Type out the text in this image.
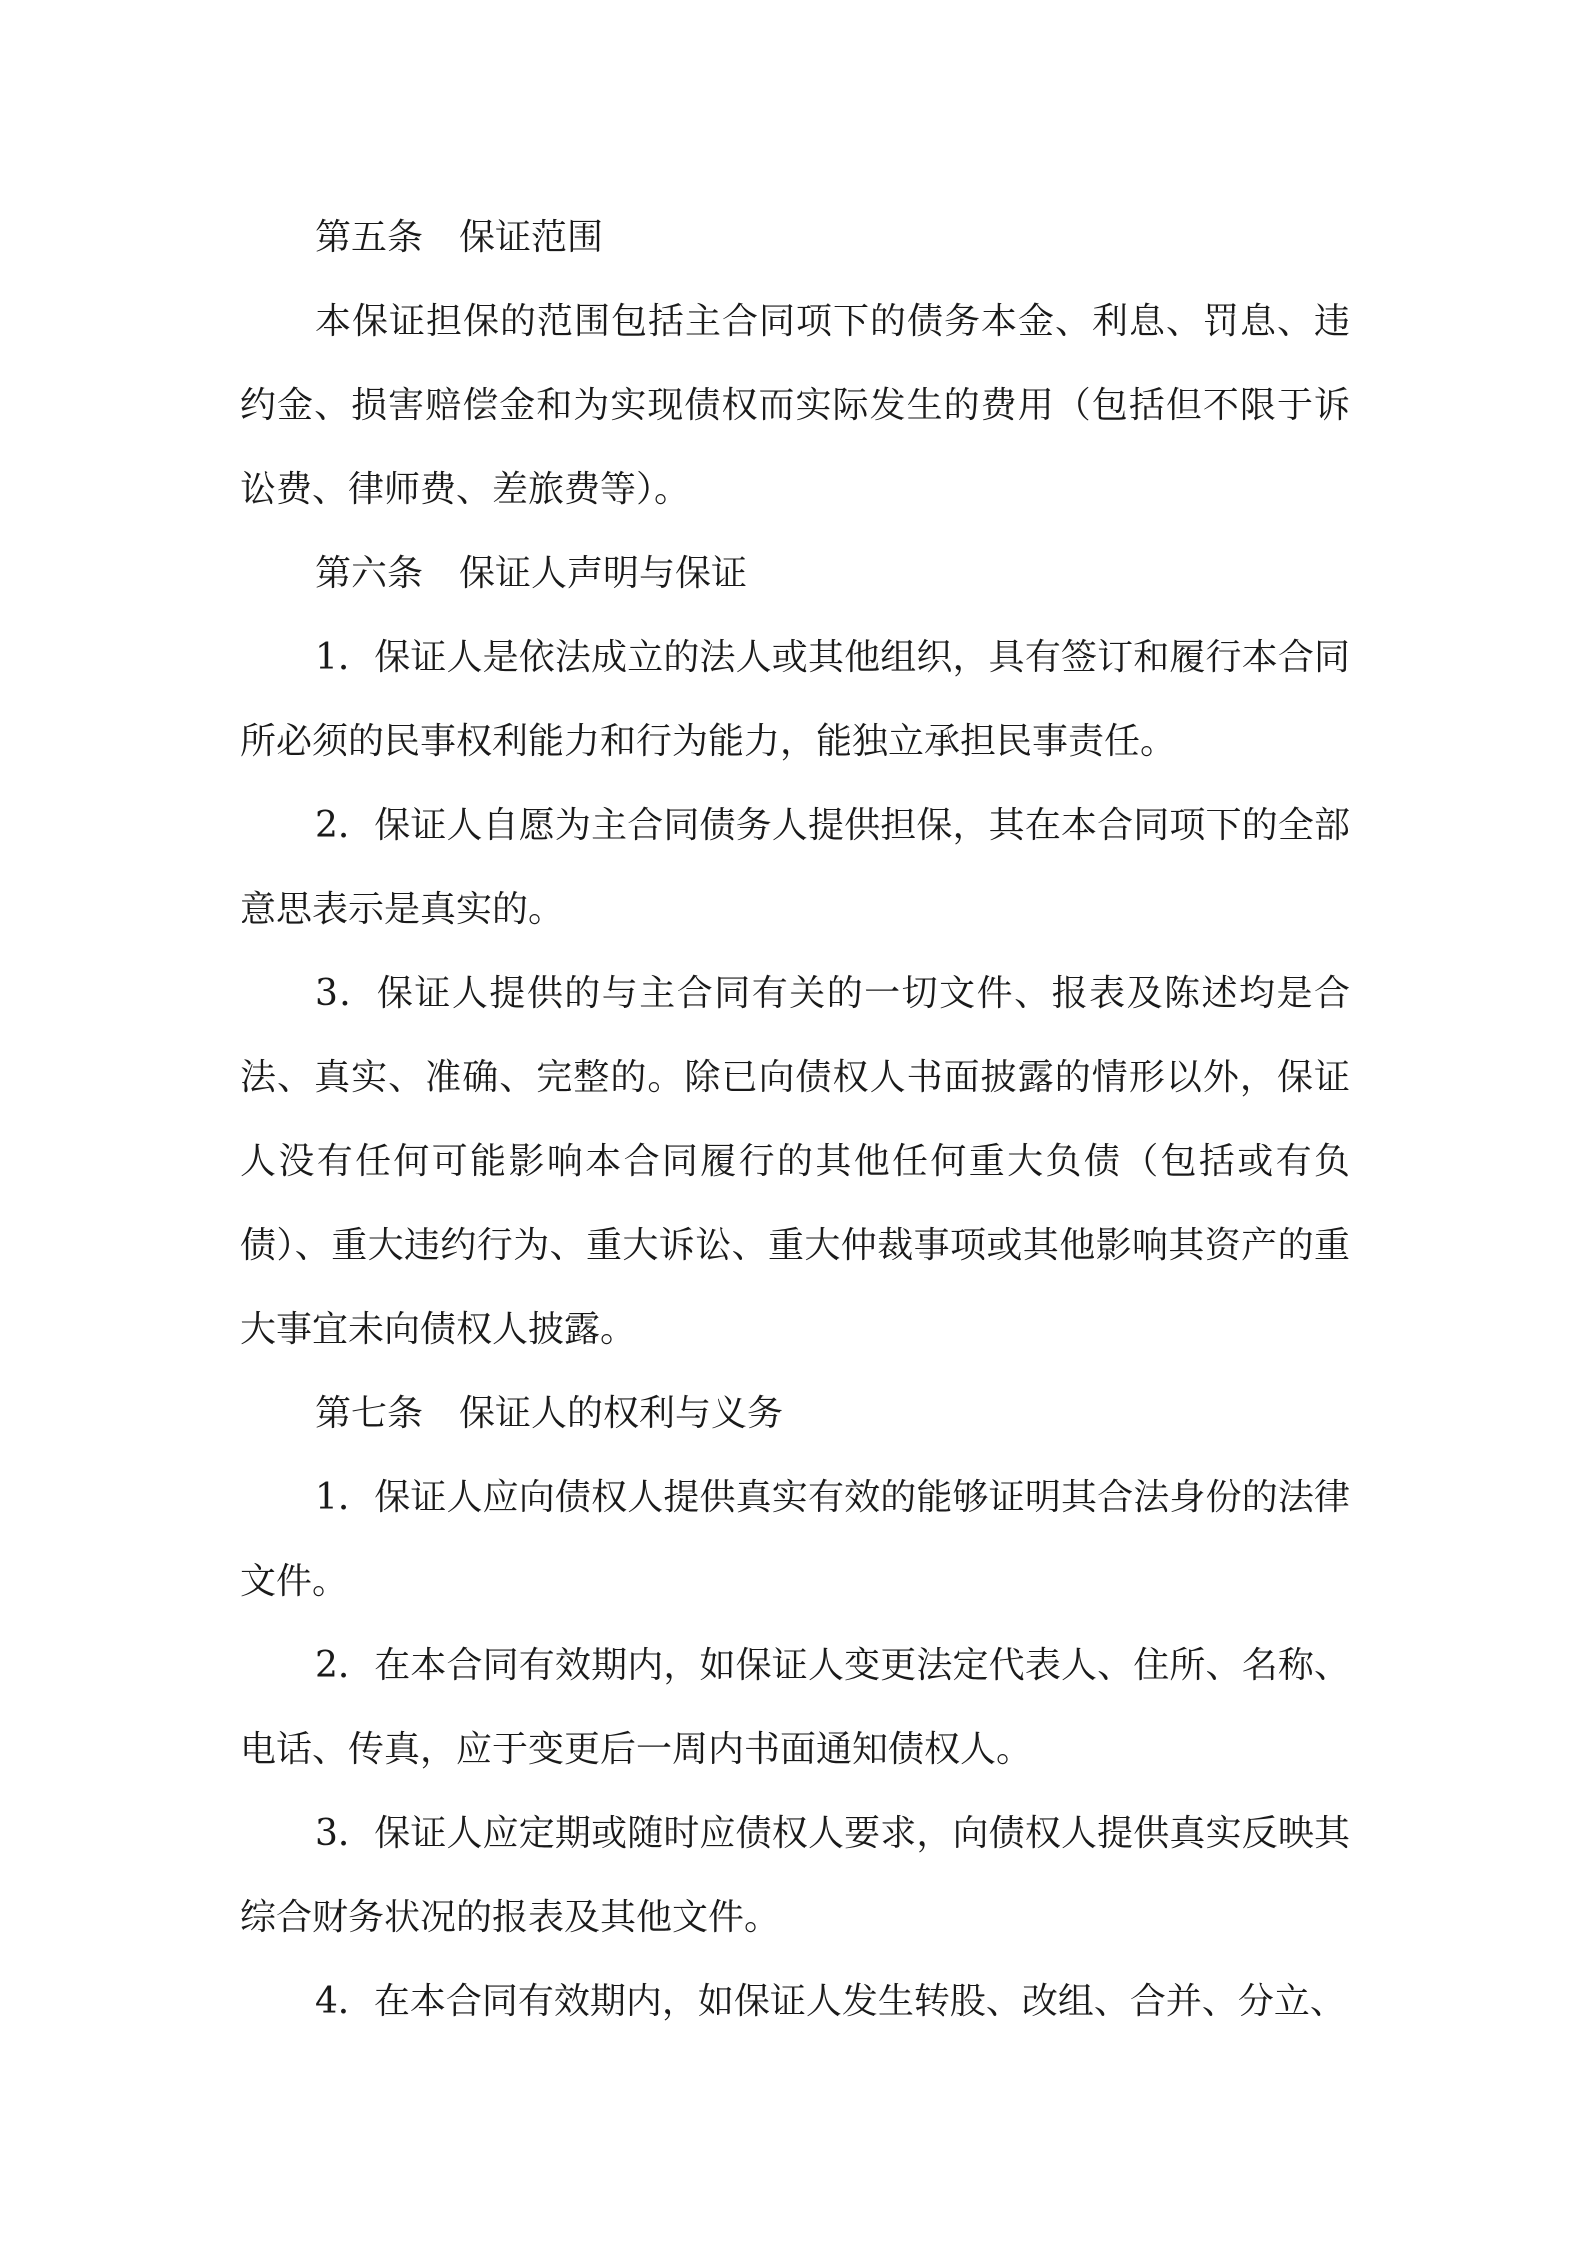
第五条　保证范围

本保证担保的范围包括主合同项下的债务本金、利息、罚息、违约金、损害赔偿金和为实现债权而实际发生的费用（包括但不限于诉讼费、律师费、差旅费等）。

第六条　保证人声明与保证

1．保证人是依法成立的法人或其他组织，具有签订和履行本合同所必须的民事权利能力和行为能力，能独立承担民事责任。

2．保证人自愿为主合同债务人提供担保，其在本合同项下的全部意思表示是真实的。

3．保证人提供的与主合同有关的一切文件、报表及陈述均是合法、真实、准确、完整的。除已向债权人书面披露的情形以外，保证人没有任何可能影响本合同履行的其他任何重大负债（包括或有负债）、重大违约行为、重大诉讼、重大仲裁事项或其他影响其资产的重大事宜未向债权人披露。

第七条　保证人的权利与义务

1．保证人应向债权人提供真实有效的能够证明其合法身份的法律文件。

2．在本合同有效期内，如保证人变更法定代表人、住所、名称、电话、传真，应于变更后一周内书面通知债权人。

3．保证人应定期或随时应债权人要求，向债权人提供真实反映其综合财务状况的报表及其他文件。

4．在本合同有效期内，如保证人发生转股、改组、合并、分立、
